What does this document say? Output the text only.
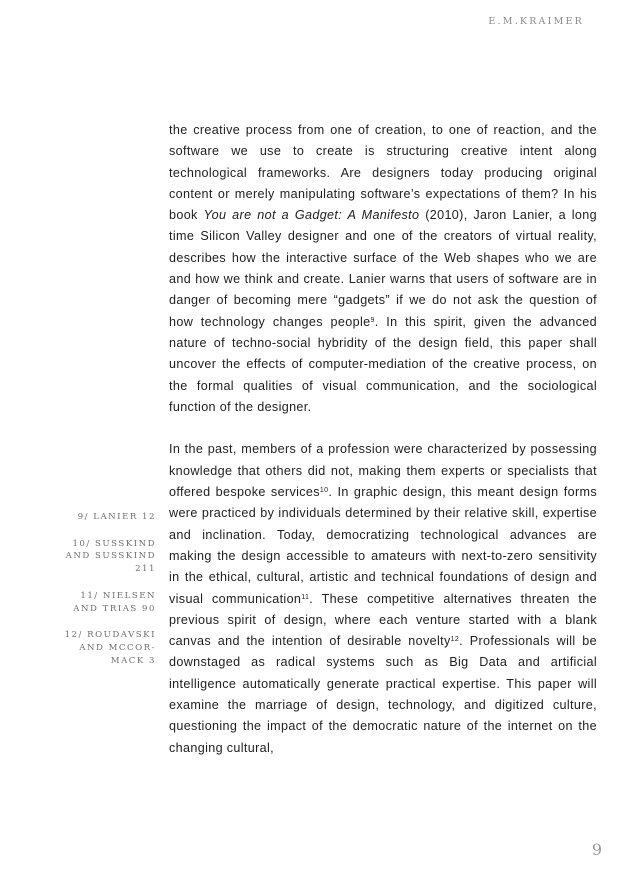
E.M.KRAIMER

the creative process from one of creation, to one of reaction, and the software we use to create is structuring creative intent along technological frameworks. Are designers today producing original content or merely manipulating software’s expectations of them? In his book You are not a Gadget: A Manifesto (2010), Jaron Lanier, a long time Silicon Valley designer and one of the creators of virtual reality, describes how the interactive surface of the Web shapes who we are and how we think and create. Lanier warns that users of software are in danger of becoming mere “gadgets” if we do not ask the question of how technology changes people$^9$. In this spirit, given the advanced nature of techno-social hybridity of the design field, this paper shall uncover the effects of computer-mediation of the creative process, on the formal qualities of visual communication, and the sociological function of the designer.

In the past, members of a profession were characterized by possessing knowledge that others did not, making them experts or specialists that offered bespoke services$^{10}$. In graphic design, this meant design forms were practiced by individuals determined by their relative skill, expertise and inclination. Today, democratizing technological advances are making the design accessible to amateurs with next-to-zero sensitivity in the ethical, cultural, artistic and technical foundations of design and visual communication$^{11}$. These competitive alternatives threaten the previous spirit of design, where each venture started with a blank canvas and the intention of desirable novelty$^{12}$. Professionals will be downstaged as radical systems such as Big Data and artificial intelligence automatically generate practical expertise. This paper will examine the marriage of design, technology, and digitized culture, questioning the impact of the democratic nature of the internet on the changing cultural,

9/ LANIER 12

10/ SUSSKIND AND SUSSKIND 211

11/ NIELSEN AND TRIAS 90

12/ ROUDAVSKI AND MCCOR-MACK 3

9
